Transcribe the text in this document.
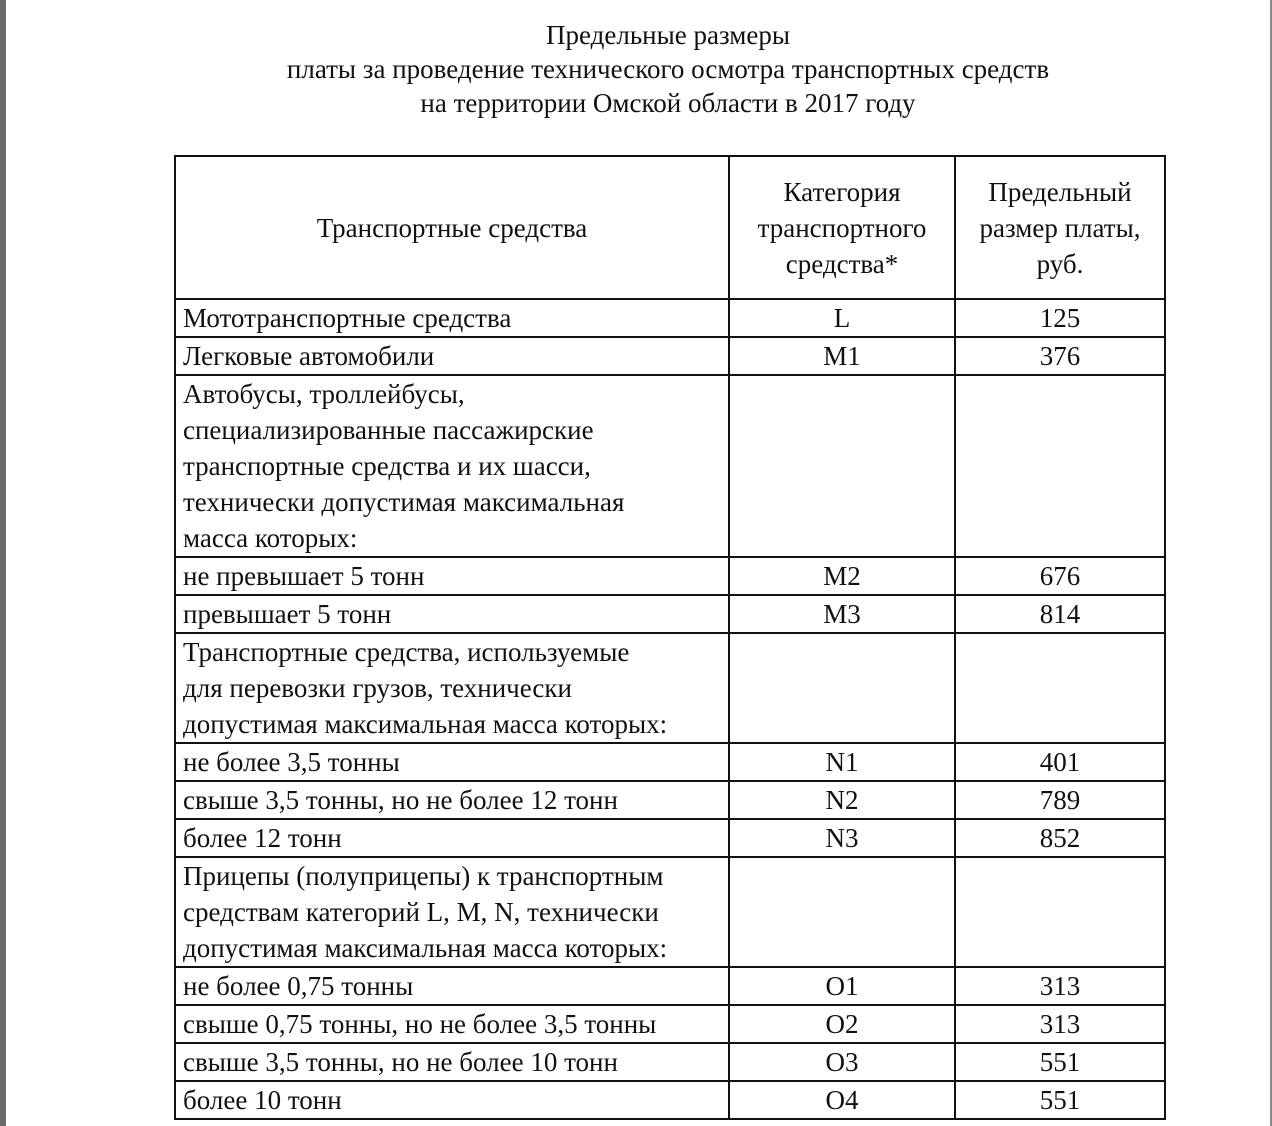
Предельные размеры
платы за проведение технического осмотра транспортных средств
на территории Омской области в 2017 году
Транспортные средства	Категория транспортного средства*	Предельный размер платы, руб.

Мототранспортные средства	L	125

Легковые автомобили	M1	376

Автобусы, троллейбусы,
специализированные пассажирские
транспортные средства и их шасси,
технически допустимая максимальная
масса которых:		

не превышает 5 тонн	M2	676

превышает 5 тонн	M3	814

Транспортные средства, используемые
для перевозки грузов, технически
допустимая максимальная масса которых:		

не более 3,5 тонны	N1	401

свыше 3,5 тонны, но не более 12 тонн	N2	789

более 12 тонн	N3	852

Прицепы (полуприцепы) к транспортным
средствам категорий L, M, N, технически
допустимая максимальная масса которых:		

не более 0,75 тонны	O1	313

свыше 0,75 тонны, но не более 3,5 тонны	O2	313

свыше 3,5 тонны, но не более 10 тонн	O3	551

более 10 тонн	O4	551
